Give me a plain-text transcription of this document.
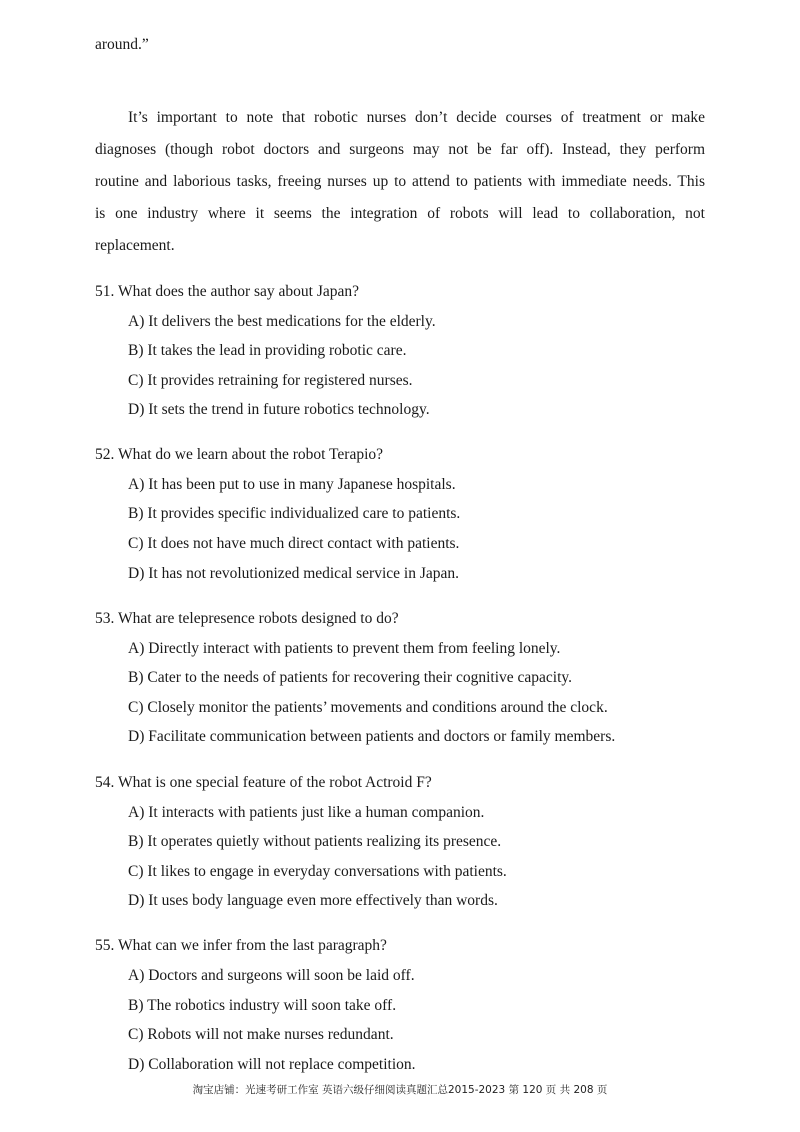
around.”
It’s important to note that robotic nurses don’t decide courses of treatment or make
diagnoses (though robot doctors and surgeons may not be far off). Instead, they perform
routine and laborious tasks, freeing nurses up to attend to patients with immediate needs. This
is one industry where it seems the integration of robots will lead to collaboration, not
replacement.
51. What does the author say about Japan?
A) It delivers the best medications for the elderly.
B) It takes the lead in providing robotic care.
C) It provides retraining for registered nurses.
D) It sets the trend in future robotics technology.
52. What do we learn about the robot Terapio?
A) It has been put to use in many Japanese hospitals.
B) It provides specific individualized care to patients.
C) It does not have much direct contact with patients.
D) It has not revolutionized medical service in Japan.
53. What are telepresence robots designed to do?
A) Directly interact with patients to prevent them from feeling lonely.
B) Cater to the needs of patients for recovering their cognitive capacity.
C) Closely monitor the patients’ movements and conditions around the clock.
D) Facilitate communication between patients and doctors or family members.
54. What is one special feature of the robot Actroid F?
A) It interacts with patients just like a human companion.
B) It operates quietly without patients realizing its presence.
C) It likes to engage in everyday conversations with patients.
D) It uses body language even more effectively than words.
55. What can we infer from the last paragraph?
A) Doctors and surgeons will soon be laid off.
B) The robotics industry will soon take off.
C) Robots will not make nurses redundant.
D) Collaboration will not replace competition.
淘宝店铺：光速考研工作室 英语六级仔细阅读真题汇总2015-2023 第 120 页 共 208 页
